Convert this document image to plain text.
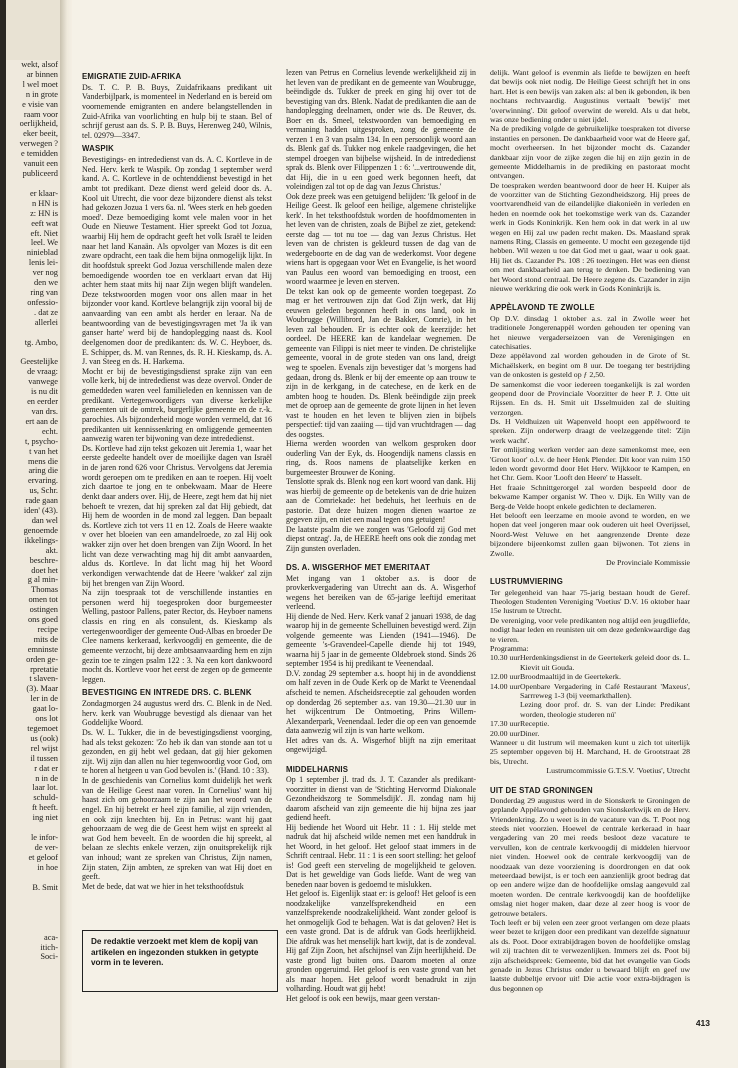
wekt, alsof

ar binnen

l wel moet

n in grote

e visie van

raam voor

oerlijkheid,

eker beeit,

verwegen ?

e temidden

vanuit een

publiceerd

er klaar-

n HN is

z: HN is

eeft wat

eft. Niet

leel. We

ninieblad

lenis lei-

ver nog

den we

ring van

onfessio-

. dat ze

allerlei

tg. Ambo,

Geestelijke

de vraag:

vanwege

is nu dit

en eerder

van drs.

ert aan de

echt.

t, psycho-

t van het

mens die

aring die

ervaring.

us, Schr.

rade gaan

iden' (43).

dan wel

genoemde

ikkelings-

akt.

beschre-

doet het

g al min-

Thomas

omen tot

ostingen

ons goed

recipe

mits de

emninste

orden ge-

rpretatie

t slaven-

(3). Maar

ler in de

gaat lo-

ons lot

tegemoet

us (ook)

rel wijst

il tussen

r dat er

n in de

laar lot.

schuld-

ft heeft.

ing niet

le infor-

de ver-

et geloof

in hoe

B. Smit

aca-

itich-

Soci-

EMIGRATIE ZUID-AFRIKA

Ds. T. C. P. B. Buys, Zuidafrikaans predikant uit Vanderbijlpark, is momenteel in Nederland en is bereid om voornemende emigranten en andere belangstellenden in Zuid-Afrika van voorlichting en hulp bij te staan. Bel of schrijf gerust aan ds. S. P. B. Buys, Herenweg 240, Wilnis, tel. 02979—3347.

WASPIK

Bevestigings- en intrededienst van ds. A. C. Kortleve in de Ned. Herv. kerk te Waspik. Op zondag 1 september werd kand. A. C. Kortleve in de ochtenddienst bevestigd in het ambt tot predikant. Deze dienst werd geleid door ds. A. Kool uit Utrecht, die voor deze bijzondere dienst als tekst had gekozen Jozua 1 vers 6a. nl. 'Wees sterk en heb goeden moed'. Deze bemoediging komt vele malen voor in het Oude en Nieuwe Testament. Hier spreekt God tot Jozua, waarbij Hij hem de opdracht geeft het volk Israël te leiden naar het land Kanaän. Als opvolger van Mozes is dit een zware opdracht, een taak die hem bijna onmogelijk lijkt. In dit hoofdstuk spreekt God Jozua verschillende malen deze bemoedigende woorden toe en verklaart ervan dat Hij achter hem staat mits hij naar Zijn wegen blijft wandelen. Deze tekstwoorden mogen voor ons allen maar in het bijzonder voor kand. Kortleve belangrijk zijn vooral bij de aanvaarding van een ambt als herder en leraar. Na de beantwoording van de bevestigingsvragen met 'Ja ik van ganser harte' werd bij de handoplegging naast ds. Kool deelgenomen door de predikanten: ds. W. C. Heyboer, ds. E. Schipper, ds. M. van Rennes, ds. R. H. Kieskamp, ds. A. J. van Steeg en ds. H. Harkema.

Mocht er bij de bevestigingsdienst sprake zijn van een volle kerk, bij de intrededienst was deze overvol. Onder de gemeddeden waren veel familieleden en kennissen van de predikant. Vertegenwoordigers van diverse kerkelijke gemeenten uit de omtrek, burgerlijke gemeente en de r.-k. parochies. Als bijzonderheid moge worden vermeld, dat 16 predikanten uit kennissenkring en omliggende gemeenten aanwezig waren ter bijwoning van deze intrededienst.

Ds. Kortleve had zijn tekst gekozen uit Jeremia 1, waar het eerste gedeelte handelt over de moeilijke dagen van Israël in de jaren rond 626 voor Christus. Vervolgens dat Jeremia wordt geroepen om te prediken en aan te roepen. Hij voelt zich daartoe te jong en te onbekwaam. Maar de Heere denkt daar anders over. Hij, de Heere, zegt hem dat hij niet behoeft te vrezen, dat hij spreken zal dat Hij gebiedt, dat Hij hem de woorden in de mond zal leggen. Dan bepaalt ds. Kortleve zich tot vers 11 en 12. Zoals de Heere waakte v over het bloeien van een amandelroede, zo zal Hij ook wakker zijn over het doen brengen van Zijn Woord. In het licht van deze verwachting mag hij dit ambt aanvaarden, aldus ds. Kortleve. In dat licht mag hij het Woord verkondigen verwachtende dat de Heere 'wakker' zal zijn bij het brengen van Zijn Woord.

Na zijn toespraak tot de verschillende instanties en personen werd hij toegesproken door burgemeester Welling, pastoor Pallens, pater Rector, ds. Heyboer namens classis en ring en als consulent, ds. Kieskamp als vertegenwoordiger der gemeente Oud-Albas en broeder De Clee namens kerkeraad, kerkvoogdij en gemeente, die de gemeente verzocht, bij deze ambtsaanvaarding hem en zijn gezin toe te zingen psalm 122 : 3. Na een kort dankwoord mocht ds. Kortleve voor het eerst de zegen op de gemeente leggen.

BEVESTIGING EN INTREDE DRS. C. BLENK

Zondagmorgen 24 augustus werd drs. C. Blenk in de Ned. herv. kerk van Woubrugge bevestigd als dienaar van het Goddelijke Woord.

Ds. W. L. Tukker, die in de bevestigingsdienst voorging, had als tekst gekozen: 'Zo heb ik dan van stonde aan tot u gezonden, en gij hebt wel gedaan, dat gij hier gekomen zijt. Wij zijn dan allen nu hier tegenwoordig voor God, om te horen al hetgeen u van God bevolen is.' (Hand. 10 : 33).

In de geschiedenis van Cornelius komt duidelijk het werk van de Heilige Geest naar voren. In Cornelius' want hij haast zich om gehoorzaam te zijn aan het woord van de engel. En hij betrekt er heel zijn familie, al zijn vrienden, en ook zijn knechten bij. En in Petrus: want hij gaat gehoorzaam de weg die de Geest hem wijst en spreekt al wat God hem beveelt. En de woorden die hij spreekt, al belaan ze slechts enkele verzen, zijn onuitsprekelijk rijk van inhoud; want ze spreken van Christus, Zijn namen, Zijn staten, Zijn ambten, ze spreken van wat Hij doet en geeft.

Met de bede, dat wat we hier in het teksthoofdstuk

lezen van Petrus en Cornelius levende werkelijkheid zij in het leven van de predikant en de gemeente van Woubrugge, beëindigde ds. Tukker de preek en ging hij over tot de bevestiging van drs. Blenk. Nadat de predikanten die aan de handoplegging deelnamen, onder wie ds. De Reuver, ds. Boer en ds. Smeel, tekstwoorden van bemoediging en vermaning hadden uitgesproken, zong de gemeente de verzen 1 en 3 van psalm 134. In een persoonlijk woord aan ds. Blenk gaf ds. Tukker nog enkele raadgevingen, die het stempel droegen van bijbelse wijsheid. In de intrededienst sprak ds. Blenk over Filippenzen 1 : 6: '...vertrouwende dit, dat Hij, die in u een goed werk begonnen heeft, dat voleindigen zal tot op de dag van Jezus Christus.'

Ook deze preek was een getuigend belijden: 'Ik geloof in de Heilige Geest. Ik geloof een heilige, algemene christelijke kerk'. In het teksthoofdstuk worden de hoofdmomenten in het leven van de christen, zoals de Bijbel ze ziet, getekend: eerste dag — tot nu toe — dag van Jezus Christus. Het leven van de christen is gekleurd tussen de dag van de wedergeboorte en de dag van de wederkomst. Voor degene wiens hart is opgegaan voor Wet en Evangelie, is het woord van Paulus een woord van bemoediging en troost, een woord waarmee je leven en sterven.

De tekst kan ook op de gemeente worden toegepast. Zo mag er het vertrouwen zijn dat God Zijn werk, dat Hij eeuwen geleden begonnen heeft in ons land, ook in Woubrugge (Willibrord, Jan de Bakker, Comrie), in het leven zal behouden. Er is echter ook de keerzijde: het oordeel. De HEERE kan de kandelaar wegnemen. De gemeente van Filippi is niet meer te vinden. De christelijke gemeente, vooral in de grote steden van ons land, dreigt weg te spoelen. Evenals zijn bevestiger dat 's morgens had gedaan, drong ds. Blenk er bij der emeente op aan trouw te zijn in de kerkgang, in de catechese, en de kerk en de ambten hoog te houden. Ds. Blenk beëindigde zijn preek met de oproep aan de gemeente de grote lijnen in het leven vast te houden en het leven te blijven zien in bijbels perspectief: tijd van zaaiing — tijd van vruchtdragen — dag des oogstes.

Hierna werden woorden van welkom gesproken door ouderling Van der Eyk, ds. Hoogendijk namens classis en ring, ds. Roos namens de plaatselijke kerken en burgemeester Brouwer de Koning.

Tenslotte sprak ds. Blenk nog een kort woord van dank. Hij was hierbij de gemeente op de betekenis van de drie huizen aan de Comriekade: het bedehuis, het leerhuis en de pastorie. Dat deze huizen mogen dienen waartoe ze gegeven zijn, en niet een maal tegen ons getuigen!

De laatste psalm die we zongen was 'Geloofd zij God met diepst ontzag'. Ja, de HEERE heeft ons ook die zondag met Zijn gunsten overladen.

DS. A. WISGERHOF MET EMERITAAT

Met ingang van 1 oktober a.s. is door de provkerkvergadering van Utrecht aan ds. A. Wisgerhof wegens het bereiken van de 65-jarige leeftijd emeritaat verleend.

Hij diende de Ned. Herv. Kerk vanaf 2 januari 1938, de dag waarop hij in de gemeente Schelluinen bevestigd werd. Zijn volgende gemeente was Lienden (1941—1946). De gemeente 's-Gravendeel-Capelle diende hij tot 1949, waarna hij 5 jaar in de gemeente Oldebroek stond. Sinds 26 september 1954 is hij predikant te Veenendaal.

D.V. zondag 29 september a.s. hoopt hij in de avonddienst om half zeven in de Oude Kerk op de Markt te Veenendaal afscheid te nemen. Afscheidsreceptie zal gehouden worden op donderdag 26 september a.s. van 19.30—21.30 uur in het wijkcentrum De Ontmoeting, Prins Willem-Alexanderpark, Veenendaal. Ieder die op een van genoemde data aanwezig wil zijn is van harte welkom.

Het adres van ds. A. Wisgerhof blijft na zijn emeritaat ongewijzigd.

MIDDELHARNIS

Op 1 september jl. trad ds. J. T. Cazander als predikant-voorzitter in dienst van de 'Stichting Hervormd Diakonale Gezondheidszorg te Sommelsdijk'. Jl. zondag nam hij daarom afscheid van zijn gemeente die hij bijna zes jaar gediend heeft.

Hij bediende het Woord uit Hebr. 11 : 1. Hij stelde met nadruk dat hij afscheid wilde nemen met een handdruk in het Woord, in het geloof. Het geloof staat immers in de Schrift centraal. Hebr. 11 : 1 is een soort stelling: het geloof is! God geeft een sterveling de mogelijkheid te geloven. Dat is het geweldige van Gods liefde. Want de weg van beneden naar boven is gedoemd te mislukken.

Het geloof is. Eigenlijk staat er: is geloof! Het geloof is een noodzakelijke vanzelfsprekendheid en een vanzelfsprekende noodzakelijkheid. Want zonder geloof is het onmogelijk God te behagen. Wat is dat geloven? Het is een vaste grond. Dat is de afdruk van Gods heerlijkheid. Die afdruk was het menselijk hart kwijt, dat is de zondeval. Hij gaf Zijn Zoon, het afschijnsel van Zijn heerlijkheid. De vaste grond ligt buiten ons. Daarom moeten al onze gronden opgeruimd. Het geloof is een vaste grond van het als maar hopen. Het geloof wordt benadrukt in zijn volharding. Houdt wat gij hebt!

Het geloof is ook een bewijs, maar geen verstan-

delijk. Want geloof is evenmin als liefde te bewijzen en heeft dat bewijs ook niet nodig. De Heilige Geest schrijft het in ons hart. Het is een bewijs van zaken als: al ben ik gebonden, ik ben nochtans rechtvaardig. Augustinus vertaalt 'bewijs' met 'overwinning'. Dit geloof overwint de wereld. Als u dat hebt, was onze bediening onder u niet ijdel.

Na de prediking volgde de gebruikelijke toespraken tot diverse instanties en personen. De dankbaarheid voor wat de Heere gaf, mocht overheersen. In het bijzonder mocht ds. Cazander dankbaar zijn voor de zijke zegen die hij en zijn gezin in de gemeente Middelharnis in de prediking en pastoraat mocht ontvangen.

De toespraken werden beantwoord door de heer H. Kuiper als de voorzitter van de Stichting Gezondheidszorg. Hij prees de voortvarendheid van de eilandelijke diakonieën in verleden en heden en noemde ook het toekomstige werk van ds. Cazander werk in Gods Koninkrijk. Ken hem ook in dat werk in al uw wegen en Hij zal uw paden recht maken. Ds. Maasland sprak namens Ring, Classis en gemeente. U mocht een gezegende tijd hebben. Wil wezen u toe dat God met u gaat, waar u ook gaat. Hij liet ds. Cazander Ps. 108 : 26 toezingen. Het was een dienst om met dankbaarheid aan terug te denken. De bediening van het Woord stond centraal. De Heere zegene ds. Cazander in zijn nieuwe werkkring die ook werk in Gods Koninkrijk is.

APPÈLAVOND TE ZWOLLE

Op D.V. dinsdag 1 oktober a.s. zal in Zwolle weer het traditionele Jongerenappèl worden gehouden ter opening van het nieuwe vergaderseizoen van de Verenigingen en catechisaties.

Deze appèlavond zal worden gehouden in de Grote of St. Michaëlskerk, en begint om 8 uur. De toegang ter bestrijding van de onkosten is gesteld op ƒ 2,50.

De samenkomst die voor iedereen toegankelijk is zal worden geopend door de Provinciale Voorzitter de heer P. J. Otte uit Rijssen. En ds. H. Smit uit IJsselmuiden zal de sluiting verzorgen.

Ds. H Veldhuizen uit Wapenveld hoopt een appèlwoord te spreken. Zijn onderwerp draagt de veelzeggende titel: 'Zijn werk wacht'.

Ter omlijsting werken verder aan deze samenkomst mee, een 'Groot koor' o.l.v. de heer Henk Plender. Dit koor van ruim 150 leden wordt gevormd door Het Herv. Wijkkoor te Kampen, en het Chr. Gem. Koor 'Looft den Heere' te Hasselt.

Het fraaie Schnittgerorgel zal worden bespeeld door de bekwame Kamper organist W. Theo v. Dijk. En Willy van de Berg-de Velde hoopt enkele gedichten te declameren.

Het belooft een leerzame en mooie avond te worden, en we hopen dat veel jongeren maar ook ouderen uit heel Overijssel, Noord-West Veluwe en het aangrenzende Drente deze bijzondere bijeenkomst zullen gaan bijwonen. Tot ziens in Zwolle.

De Provinciale Kommissie

LUSTRUMVIERING

Ter gelegenheid van haar 75-jarig bestaan houdt de Geref. Theologen Studenten Vereniging 'Voetius' D.V. 16 oktober haar 15e lustrum te Utrecht.

De vereniging, voor vele predikanten nog altijd een jeugdliefde, nodigt haar leden en reunisten uit om deze gedenkwaardige dag te vieren.

Programma:

10.30 uur Herdenkingsdienst in de Geertekerk geleid door ds. L. Kievit uit Gouda.
12.00 uur Broodmaaltijd in de Geertekerk.
14.00 uur Openbare Vergadering in Café Restaurant 'Maxeus', Sarrreweg 1-3 (bij veemarkthallen).
Lezing door prof. dr. S. van der Linde: Predikant worden, theologie studeren nú'
17.30 uur Receptie.
20.00 uur Diner.

Wanneer u dit lustrum wil meemaken kunt u zich tot uiterlijk 25 september opgeven bij H. Marchand, H. de Grootstraat 28 bis, Utrecht.

Lustrumcommissie G.T.S.V. 'Voetius', Utrecht

UIT DE STAD GRONINGEN

Donderdag 29 augustus werd in de Sionskerk te Groningen de geplande Appèlavond gehouden van Sionskerkwijk en de Herv. Vriendenkring. Zo u weet is in de vacature van ds. T. Poot nog steeds niet voorzien. Hoewel de centrale kerkeraad in haar vergadering van 20 mei reeds besloot deze vacature te vervullen, kon de centrale kerkvoogdij di middelen hiervoor niet vinden. Hoewel ook de centrale kerkvoogdij van de noodzaak van deze voorziening is doordrongen en dat ook meteerdaad bewijst, is er toch een aanzienlijk groot bedrag dat op een andere wijze dan de hoofdelijke omslag aangevuld zal moeten worden. De centrale kerkvoogdij kan de hoofdelijke omslag niet hoger maken, daar deze al zeer hoog is voor de getrouwe betalers.

Toch leeft er bij velen een zeer groot verlangen om deze plaats weer bezet te krijgen door een predikant van dezelfde signatuur als ds. Poot. Door extrabijdragen boven de hoofdelijke omslag wil zij trachten dit te verwezenlijken. Immers zei ds. Poot bij zijn afscheidspreek: Gemeente, bid dat het evangelie van Gods genade in Jezus Christus onder u bewaard blijft en geef uw laatste dubbeltje ervoor uit! Die actie voor extra-bijdragen is dus begonnen op

De redaktie verzoekt met klem de kopij van artikelen en ingezonden stukken in getypte vorm in te leveren.
413
